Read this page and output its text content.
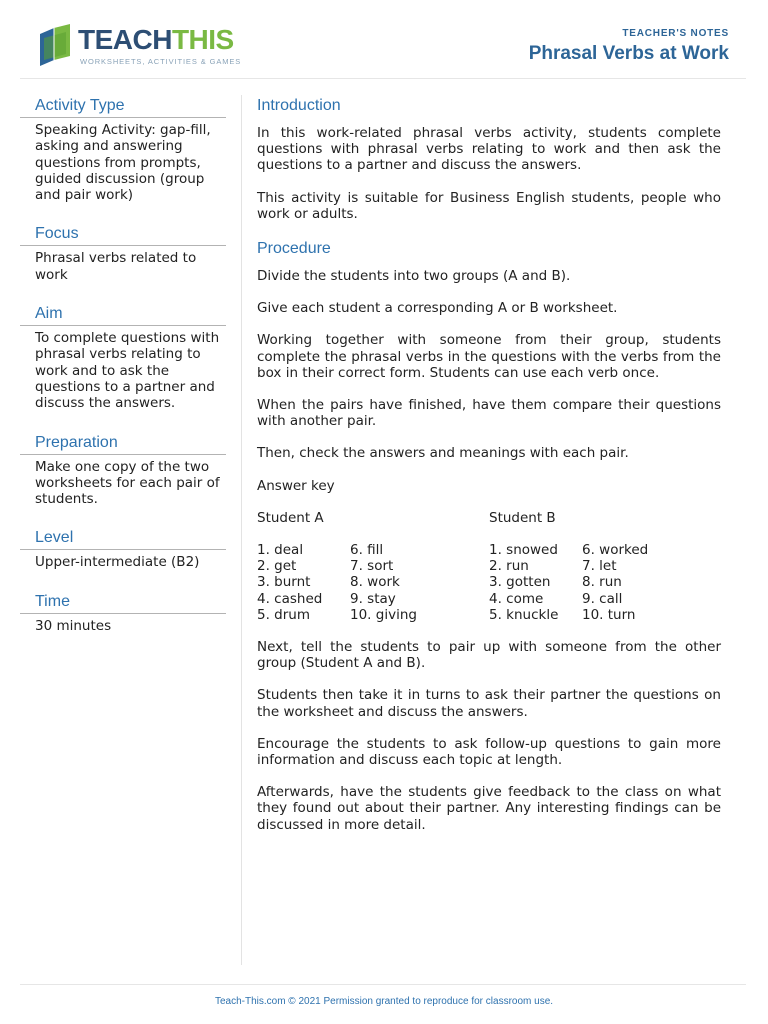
TEACHTHIS
WORKSHEETS, ACTIVITIES & GAMES
TEACHER'S NOTES
Phrasal Verbs at Work
Activity Type
Speaking Activity: gap-fill, asking and answering questions from prompts, guided discussion (group and pair work)
Focus
Phrasal verbs related to work
Aim
To complete questions with phrasal verbs relating to work and to ask the questions to a partner and discuss the answers.
Preparation
Make one copy of the two worksheets for each pair of students.
Level
Upper-intermediate (B2)
Time
30 minutes
Introduction

In this work-related phrasal verbs activity, students complete questions with phrasal verbs relating to work and then ask the questions to a partner and discuss the answers.

This activity is suitable for Business English students, people who work or adults.

Procedure

Divide the students into two groups (A and B).

Give each student a corresponding A or B worksheet.

Working together with someone from their group, students complete the phrasal verbs in the questions with the verbs from the box in their correct form. Students can use each verb once.

When the pairs have finished, have them compare their questions with another pair.

Then, check the answers and meanings with each pair.

Answer key

Student A	Student B
1. deal	6. fill	1. snowed	6. worked
2. get	7. sort	2. run	7. let
3. burnt	8. work	3. gotten	8. run
4. cashed	9. stay	4. come	9. call
5. drum	10. giving	5. knuckle	10. turn

Next, tell the students to pair up with someone from the other group (Student A and B).

Students then take it in turns to ask their partner the questions on the worksheet and discuss the answers.

Encourage the students to ask follow-up questions to gain more information and discuss each topic at length.

Afterwards, have the students give feedback to the class on what they found out about their partner. Any interesting findings can be discussed in more detail.

Teach-This.com © 2021 Permission granted to reproduce for classroom use.
